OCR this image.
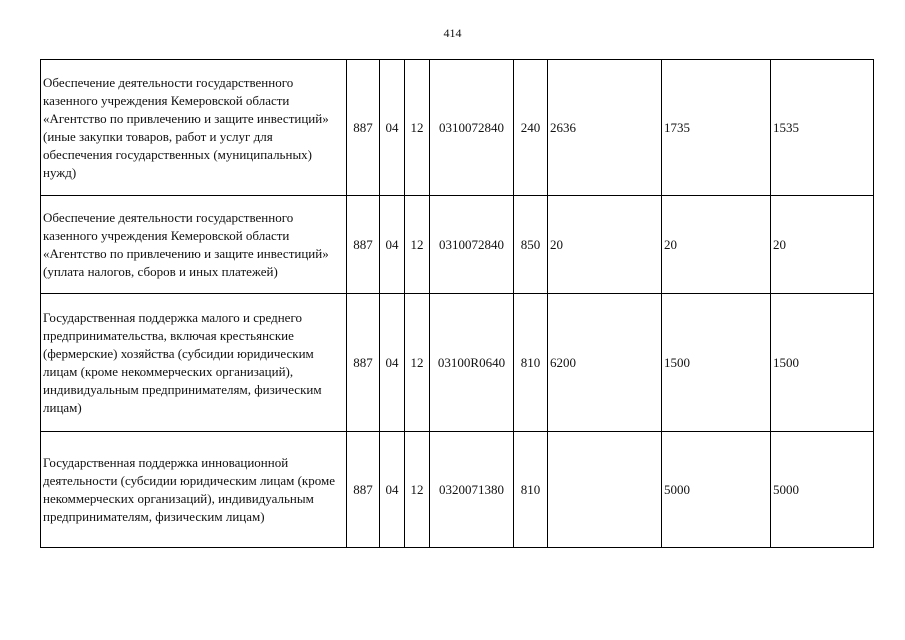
414
Обеспечение деятельности государственного казенного учреждения Кемеровской области «Агентство по привлечению и защите инвестиций» (иные закупки товаров, работ и услуг для обеспечения государственных (муниципальных) нужд)	887	04	12	0310072840	240	2636	1735	1535
Обеспечение деятельности государственного казенного учреждения Кемеровской области «Агентство по привлечению и защите инвестиций» (уплата налогов, сборов и иных платежей)	887	04	12	0310072840	850	20	20	20
Государственная поддержка малого и среднего предпринимательства, включая крестьянские (фермерские) хозяйства (субсидии юридическим лицам (кроме некоммерческих организаций), индивидуальным предпринимателям, физическим лицам)	887	04	12	03100R0640	810	6200	1500	1500
Государственная поддержка инновационной деятельности (субсидии юридическим лицам (кроме некоммерческих организаций), индивидуальным предпринимателям, физическим лицам)	887	04	12	0320071380	810		5000	5000
